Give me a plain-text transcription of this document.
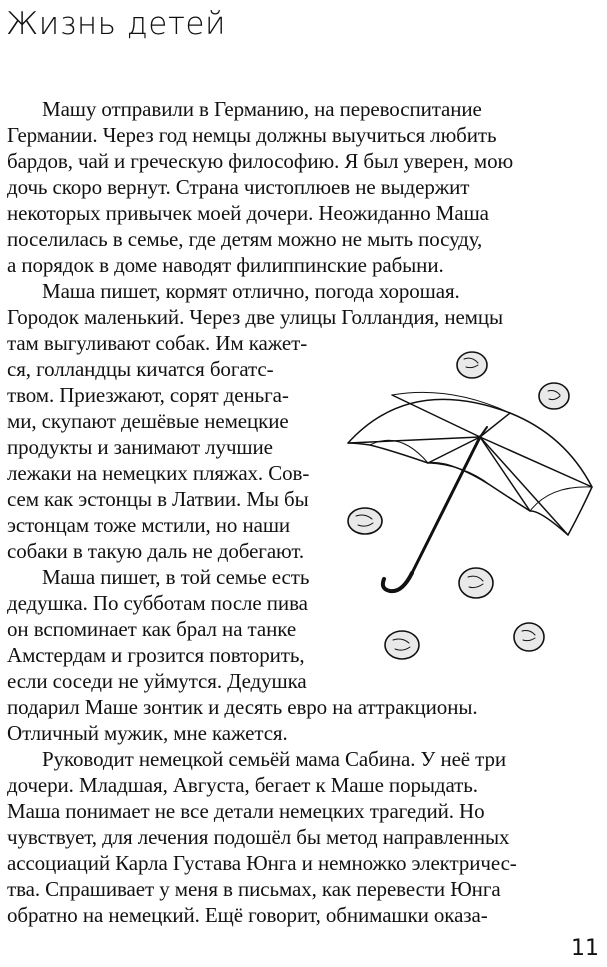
Жизнь детей
Машу отправили в Германию, на перевоспитание
Германии. Через год немцы должны выучиться любить
бардов, чай и греческую философию. Я был уверен, мою
дочь скоро вернут. Страна чистоплюев не выдержит
некоторых привычек моей дочери. Неожиданно Маша
поселилась в семье, где детям можно не мыть посуду,
а порядок в доме наводят филиппинские рабыни.
Маша пишет, кормят отлично, погода хорошая.
Городок маленький. Через две улицы Голландия, немцы
там выгуливают собак. Им кажет-
ся, голландцы кичатся богатс-
твом. Приезжают, сорят деньга-
ми, скупают дешёвые немецкие
продукты и занимают лучшие
лежаки на немецких пляжах. Сов-
сем как эстонцы в Латвии. Мы бы
эстонцам тоже мстили, но наши
собаки в такую даль не добегают.
Маша пишет, в той семье есть
дедушка. По субботам после пива
он вспоминает как брал на танке
Амстердам и грозится повторить,
если соседи не уймутся. Дедушка
подарил Маше зонтик и десять евро на аттракционы.
Отличный мужик, мне кажется.
Руководит немецкой семьёй мама Сабина. У неё три
дочери. Младшая, Августа, бегает к Маше порыдать.
Маша понимает не все детали немецких трагедий. Но
чувствует, для лечения подошёл бы метод направленных
ассоциаций Карла Густава Юнга и немножко электричес-
тва. Спрашивает у меня в письмах, как перевести Юнга
обратно на немецкий. Ещё говорит, обнимашки оказа-
11
